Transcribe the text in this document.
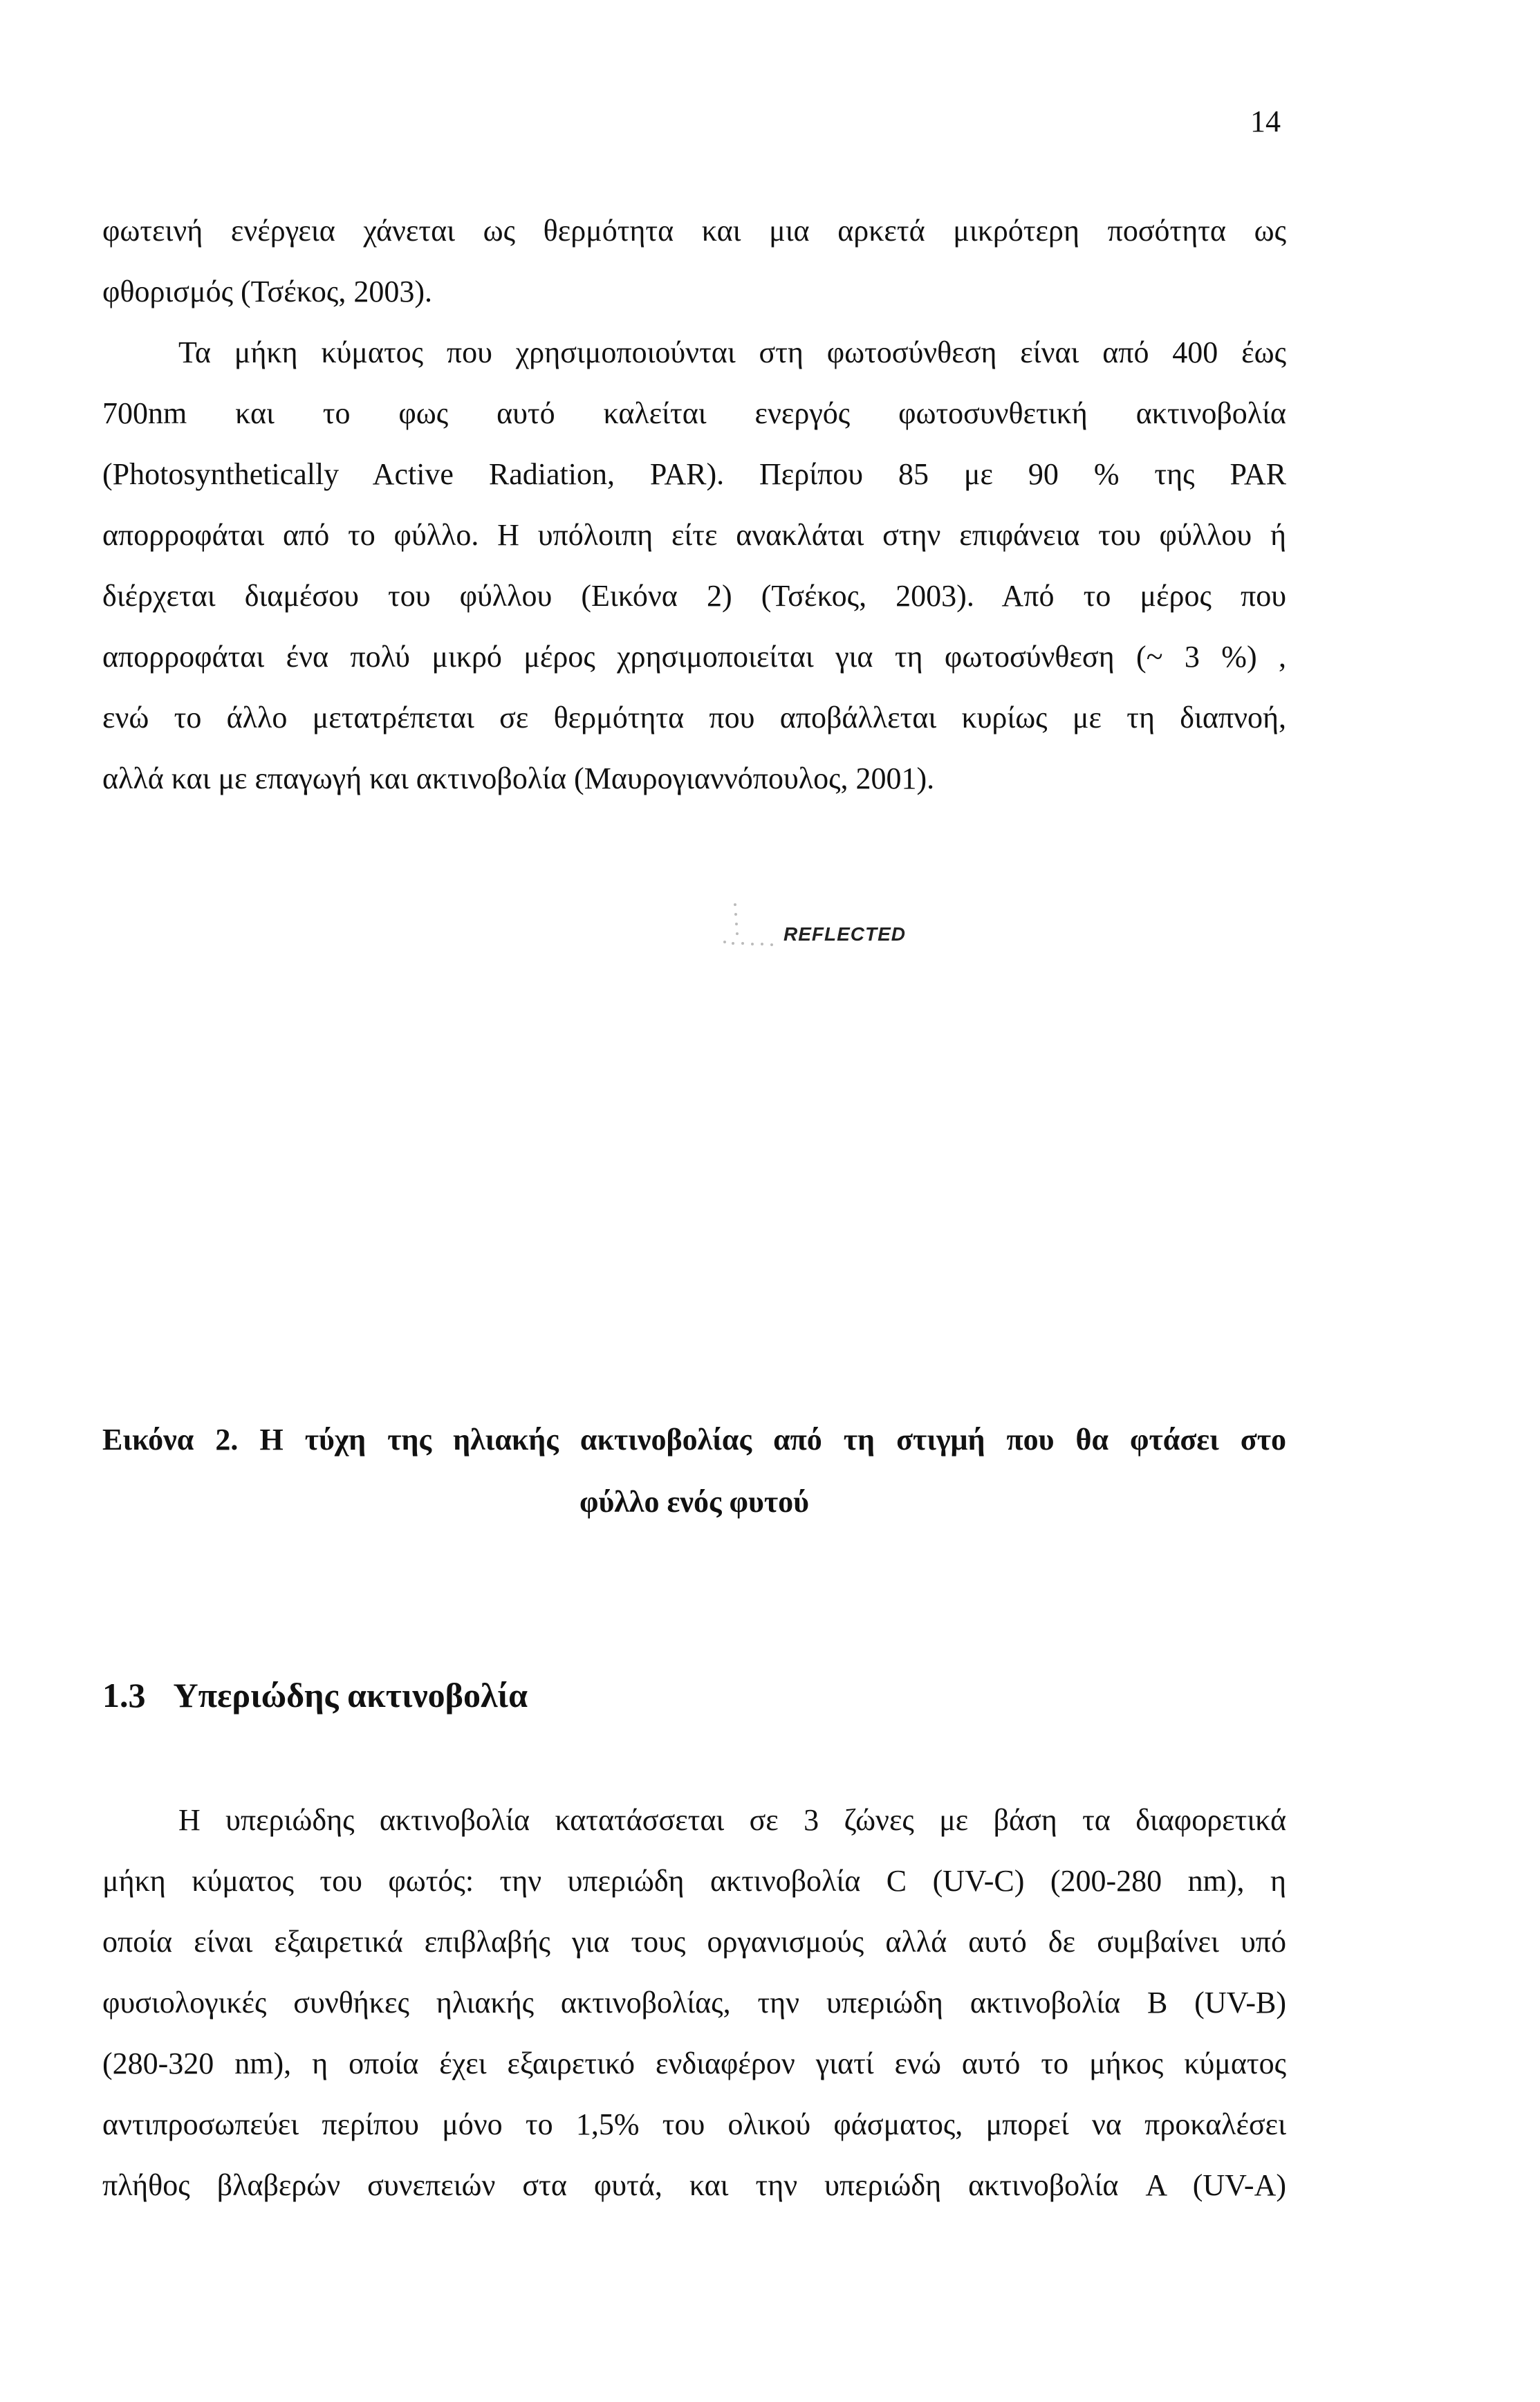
14
φωτεινή ενέργεια χάνεται ως θερμότητα και μια αρκετά μικρότερη ποσότητα ως
φθορισμός (Τσέκος, 2003).
Τα μήκη κύματος που χρησιμοποιούνται στη φωτοσύνθεση είναι από 400 έως
700nm και το φως αυτό καλείται ενεργός φωτοσυνθετική ακτινοβολία
(Photosynthetically Active Radiation, PAR). Περίπου 85 με 90 % της PAR
απορροφάται από το φύλλο. Η υπόλοιπη είτε ανακλάται στην επιφάνεια του φύλλου ή
διέρχεται διαμέσου του φύλλου (Εικόνα 2) (Τσέκος, 2003). Από το μέρος που
απορροφάται ένα πολύ μικρό μέρος χρησιμοποιείται για τη φωτοσύνθεση (~ 3 %) ,
ενώ το άλλο μετατρέπεται σε θερμότητα που αποβάλλεται κυρίως με τη διαπνοή,
αλλά και με επαγωγή και ακτινοβολία (Μαυρογιαννόπουλος, 2001).
REFLECTED

Εικόνα 2. Η τύχη της ηλιακής ακτινοβολίας από τη στιγμή που θα φτάσει στο

φύλλο ενός φυτού

1.3 Υπεριώδης ακτινοβολία
Η υπεριώδης ακτινοβολία κατατάσσεται σε 3 ζώνες με βάση τα διαφορετικά
μήκη κύματος του φωτός: την υπεριώδη ακτινοβολία C (UV-C) (200-280 nm), η
οποία είναι εξαιρετικά επιβλαβής για τους οργανισμούς αλλά αυτό δε συμβαίνει υπό
φυσιολογικές συνθήκες ηλιακής ακτινοβολίας, την υπεριώδη ακτινοβολία B (UV-B)
(280-320 nm), η οποία έχει εξαιρετικό ενδιαφέρον γιατί ενώ αυτό το μήκος κύματος
αντιπροσωπεύει περίπου μόνο το 1,5% του ολικού φάσματος, μπορεί να προκαλέσει
πλήθος βλαβερών συνεπειών στα φυτά, και την υπεριώδη ακτινοβολία A (UV-A)
